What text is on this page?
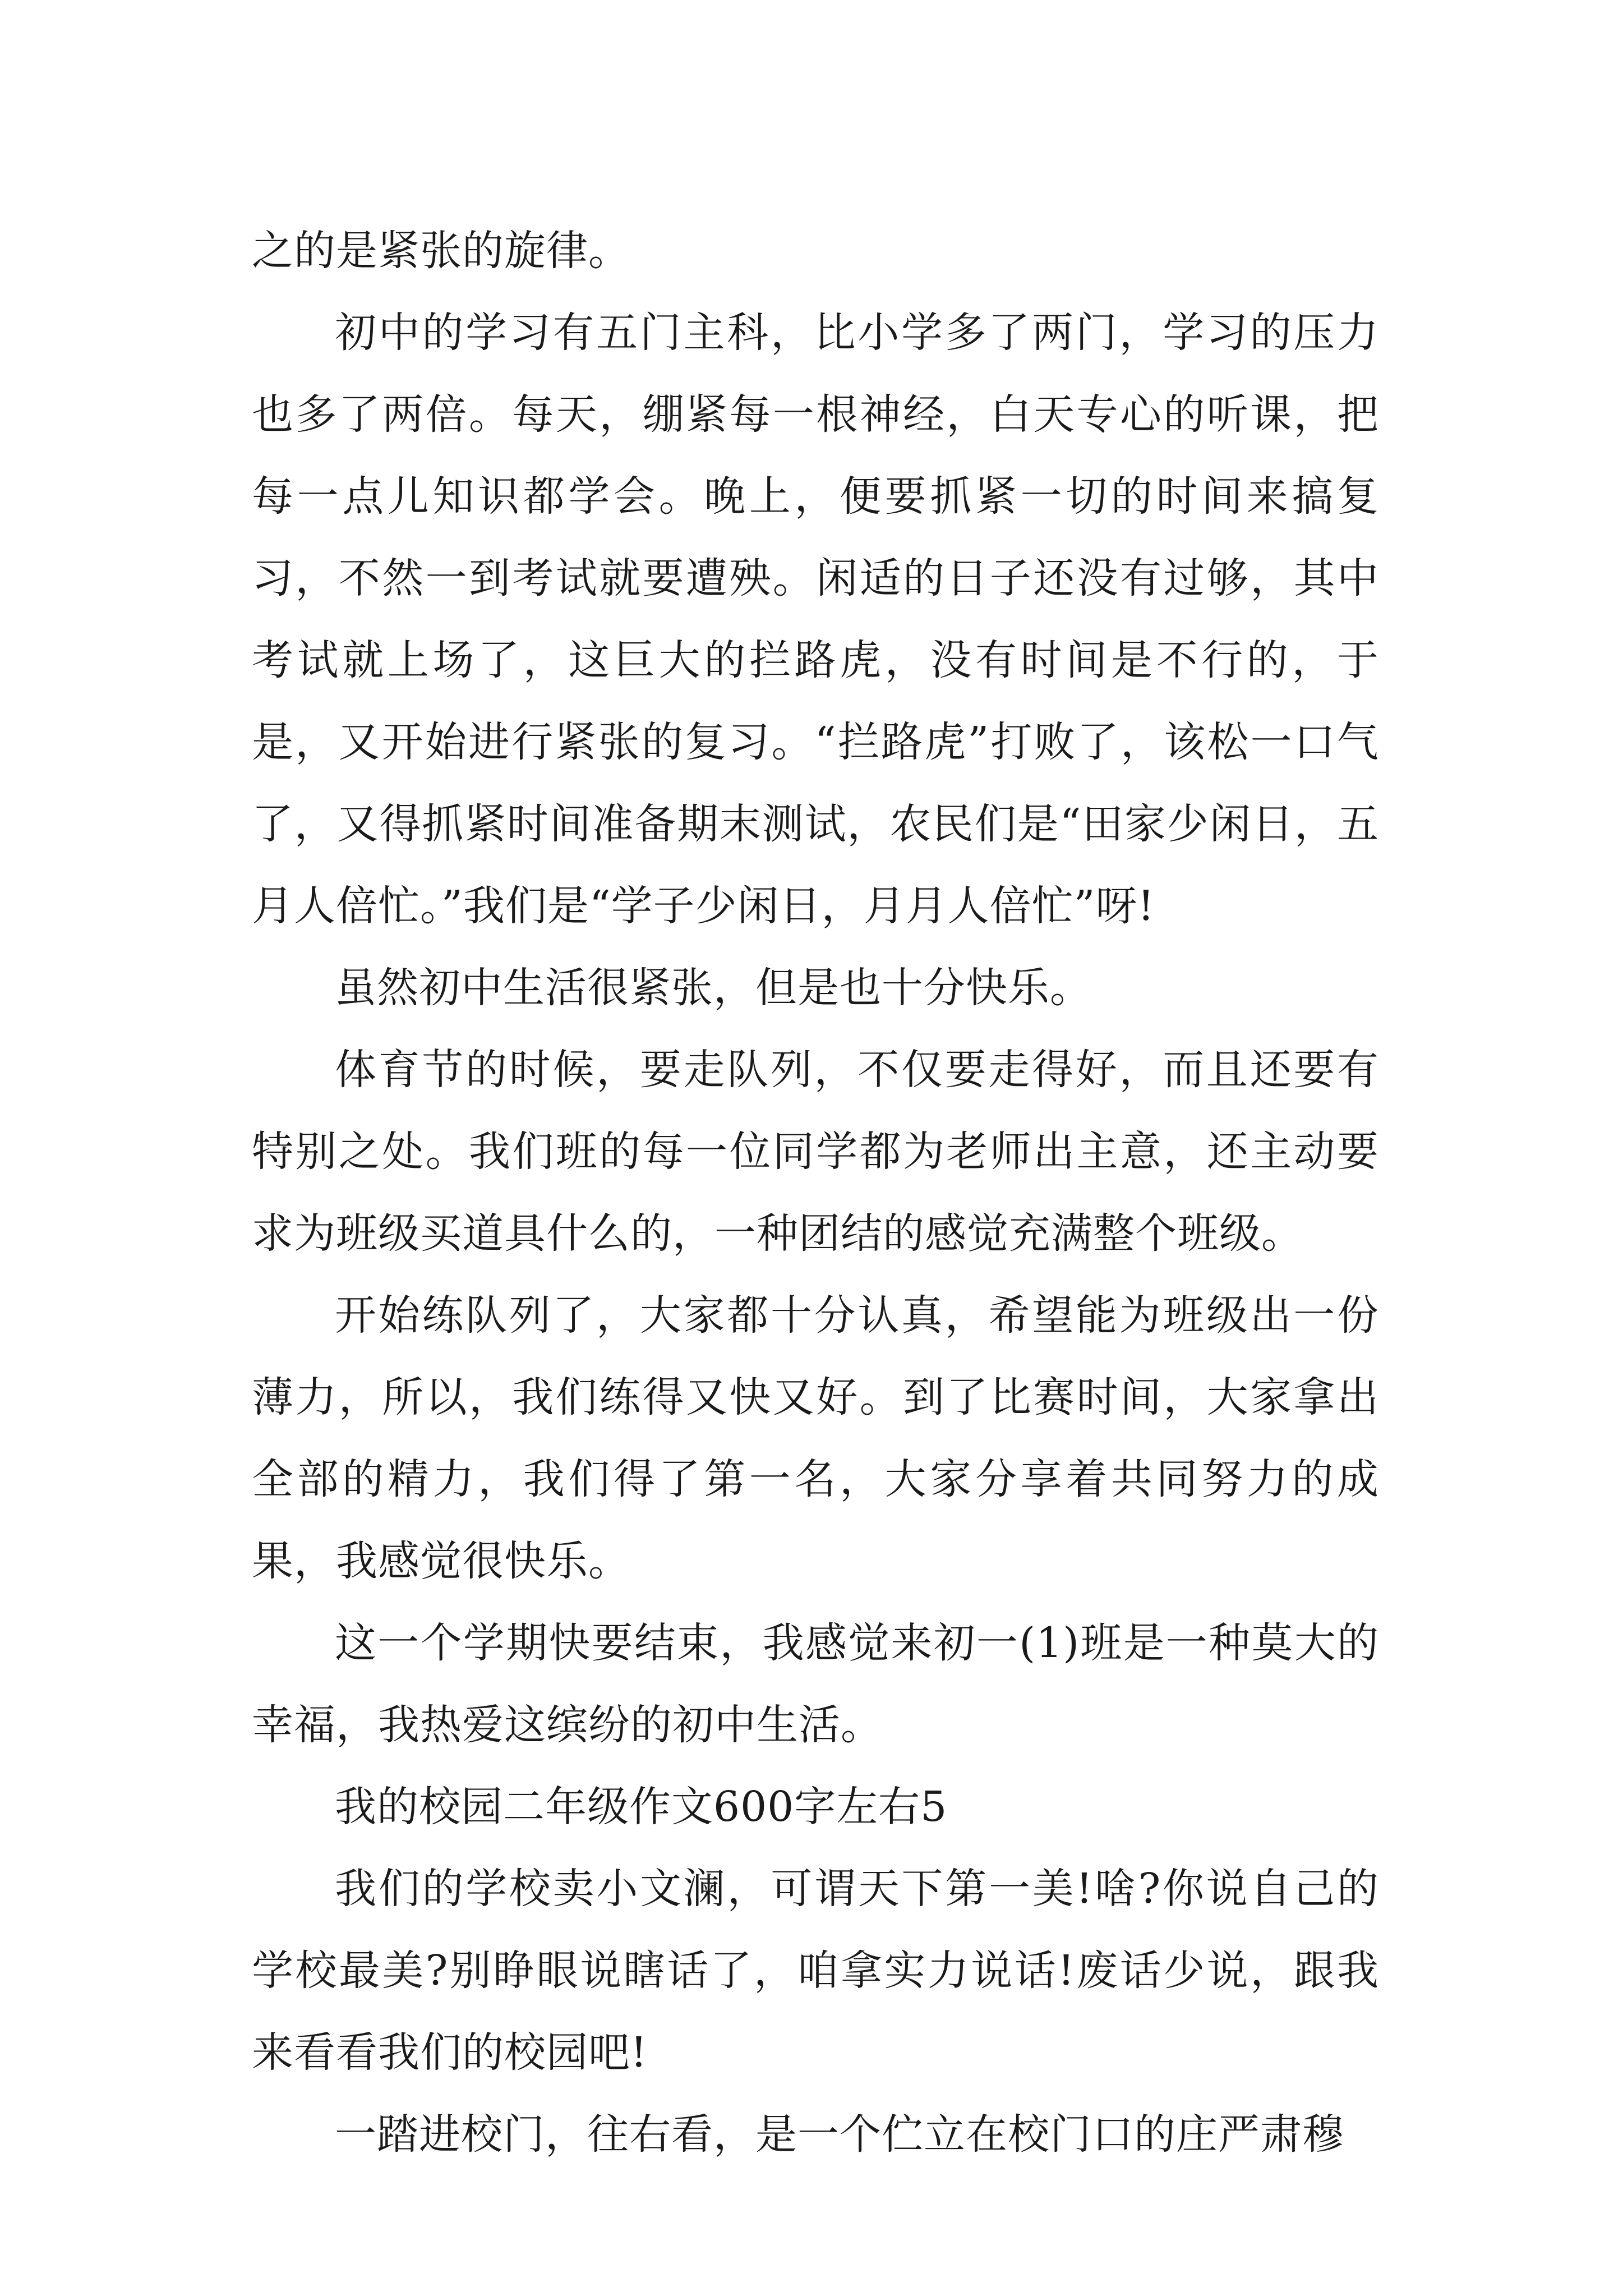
之的是紧张的旋律。

初中的学习有五门主科，比小学多了两门，学习的压力也多了两倍。每天，绷紧每一根神经，白天专心的听课，把每一点儿知识都学会。晚上，便要抓紧一切的时间来搞复习，不然一到考试就要遭殃。闲适的日子还没有过够，其中考试就上场了，这巨大的拦路虎，没有时间是不行的，于是，又开始进行紧张的复习。“拦路虎”打败了，该松一口气了，又得抓紧时间准备期末测试，农民们是“田家少闲日，五月人倍忙。”我们是“学子少闲日，月月人倍忙”呀!

虽然初中生活很紧张，但是也十分快乐。

体育节的时候，要走队列，不仅要走得好，而且还要有特别之处。我们班的每一位同学都为老师出主意，还主动要求为班级买道具什么的，一种团结的感觉充满整个班级。

开始练队列了，大家都十分认真，希望能为班级出一份薄力，所以，我们练得又快又好。到了比赛时间，大家拿出全部的精力，我们得了第一名，大家分享着共同努力的成果，我感觉很快乐。

这一个学期快要结束，我感觉来初一(1)班是一种莫大的幸福，我热爱这缤纷的初中生活。

我的校园二年级作文600字左右5

我们的学校卖小文澜，可谓天下第一美!啥?你说自己的学校最美?别睁眼说瞎话了，咱拿实力说话!废话少说，跟我来看看我们的校园吧!

一踏进校门，往右看，是一个伫立在校门口的庄严肃穆
